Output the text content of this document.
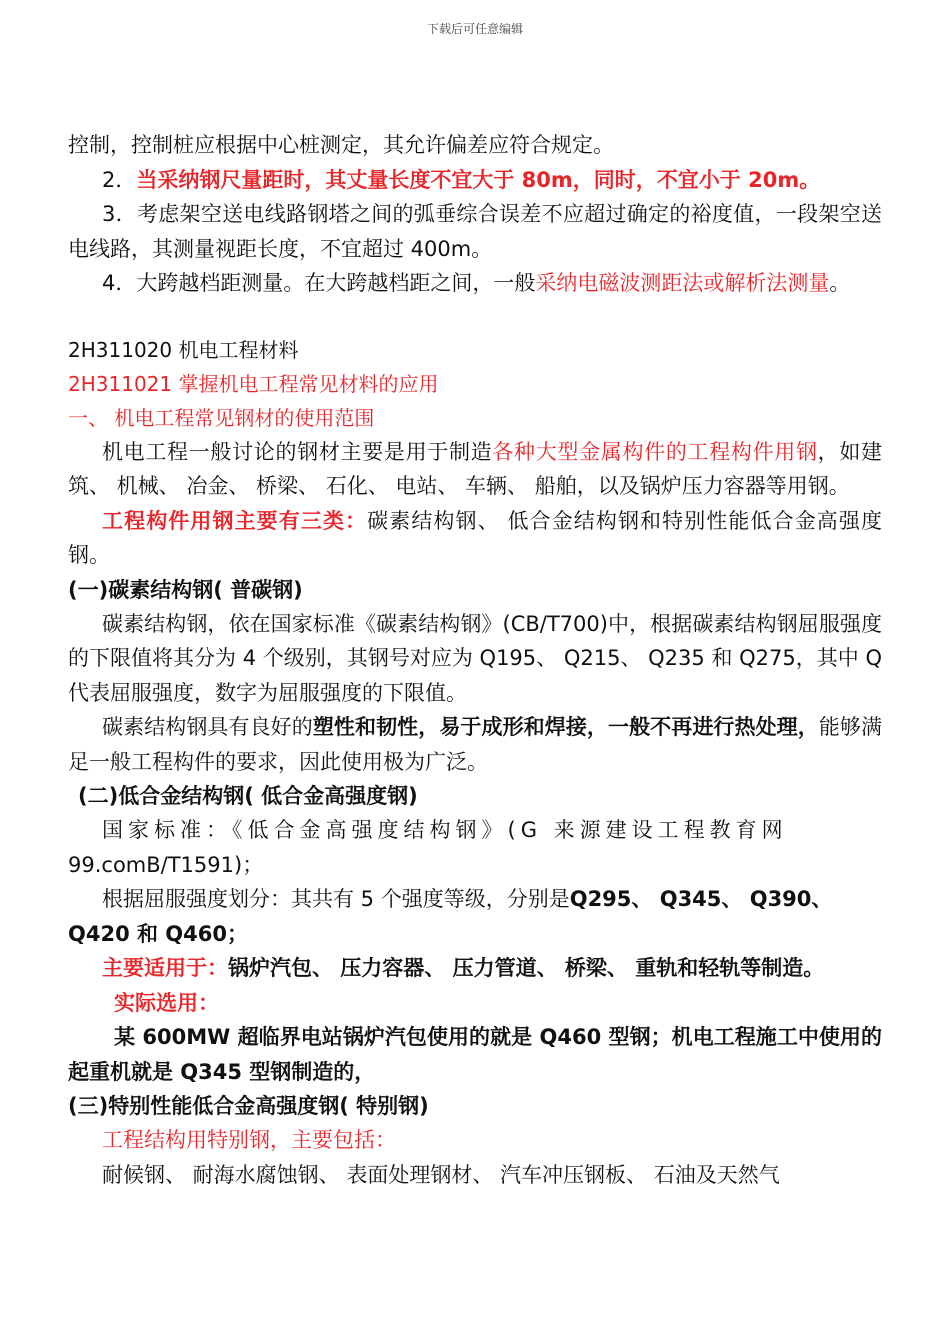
下载后可任意编辑

控制，控制桩应根据中心桩测定，其允许偏差应符合规定。

2．当采纳钢尺量距时，其丈量长度不宜大于 80m，同时，不宜小于 20m。

3．考虑架空送电线路钢塔之间的弧垂综合误差不应超过确定的裕度值，一段架空送电线路，其测量视距长度，不宜超过 400m。

4．大跨越档距测量。在大跨越档距之间，一般采纳电磁波测距法或解析法测量。

2H311020 机电工程材料
2H311021 掌握机电工程常见材料的应用
一、 机电工程常见钢材的使用范围

机电工程一般讨论的钢材主要是用于制造各种大型金属构件的工程构件用钢，如建筑、 机械、 冶金、 桥梁、 石化、 电站、 车辆、 船舶，以及锅炉压力容器等用钢。

工程构件用钢主要有三类：碳素结构钢、 低合金结构钢和特别性能低合金高强度钢。

(一)碳素结构钢( 普碳钢)

碳素结构钢，依在国家标准《碳素结构钢》(CB/T700)中，根据碳素结构钢屈服强度的下限值将其分为 4 个级别，其钢号对应为 Q195、 Q215、 Q235 和 Q275，其中 Q 代表屈服强度，数字为屈服强度的下限值。

碳素结构钢具有良好的塑性和韧性，易于成形和焊接，一般不再进行热处理，能够满足一般工程构件的要求，因此使用极为广泛。

(二)低合金结构钢( 低合金高强度钢)

国家标准：《低合金高强度结构钢》(G 来源建设工程教育网

99.comB/T1591)；

根据屈服强度划分：其共有 5 个强度等级，分别是Q295、 Q345、 Q390、

Q420 和 Q460；

主要适用于：锅炉汽包、 压力容器、 压力管道、 桥梁、 重轨和轻轨等制造。

实际选用：

某 600MW 超临界电站锅炉汽包使用的就是 Q460 型钢；机电工程施工中使用的起重机就是 Q345 型钢制造的，

(三)特别性能低合金高强度钢( 特别钢)

工程结构用特别钢，主要包括：

耐候钢、 耐海水腐蚀钢、 表面处理钢材、 汽车冲压钢板、 石油及天然气
